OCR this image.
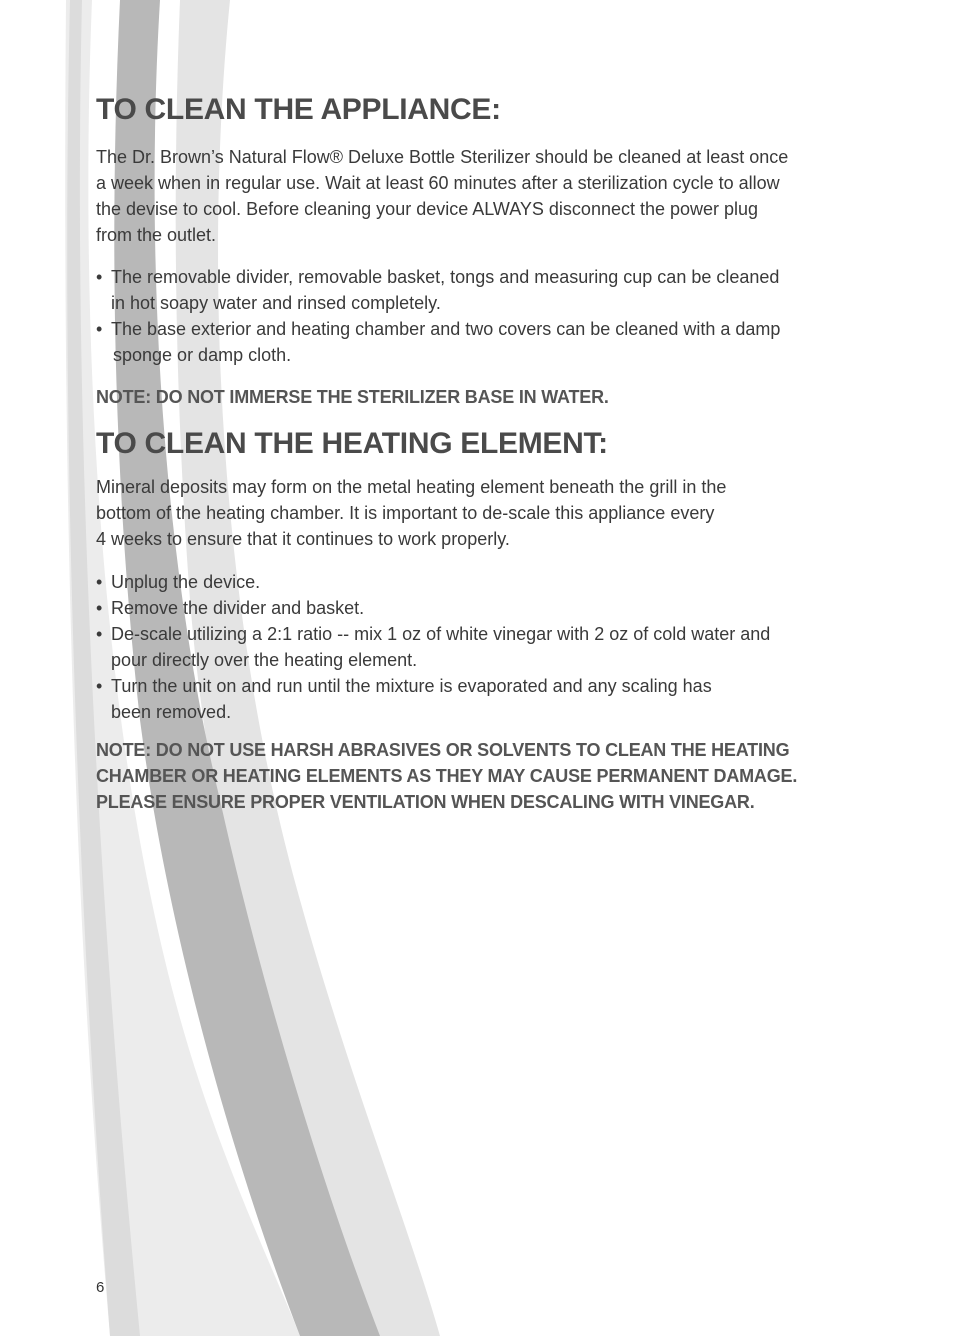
TO CLEAN THE APPLIANCE:

The Dr. Brown’s Natural Flow® Deluxe Bottle Sterilizer should be cleaned at least once

a week when in regular use. Wait at least 60 minutes after a sterilization cycle to allow

the devise to cool. Before cleaning your device ALWAYS disconnect the power plug

from the outlet.

• The removable divider, removable basket, tongs and measuring cup can be cleaned
in hot soapy water and rinsed completely.
• The base exterior and heating chamber and two covers can be cleaned with a damp
sponge or damp cloth.

NOTE: DO NOT IMMERSE THE STERILIZER BASE IN WATER.

TO CLEAN THE HEATING ELEMENT:

Mineral deposits may form on the metal heating element beneath the grill in the

bottom of the heating chamber. It is important to de-scale this appliance every

4 weeks to ensure that it continues to work properly.

• Unplug the device.
• Remove the divider and basket.
• De-scale utilizing a 2:1 ratio -- mix 1 oz of white vinegar with 2 oz of cold water and
pour directly over the heating element.
• Turn the unit on and run until the mixture is evaporated and any scaling has
been removed.

NOTE: DO NOT USE HARSH ABRASIVES OR SOLVENTS TO CLEAN THE HEATING

CHAMBER OR HEATING ELEMENTS AS THEY MAY CAUSE PERMANENT DAMAGE.

PLEASE ENSURE PROPER VENTILATION WHEN DESCALING WITH VINEGAR.

6
